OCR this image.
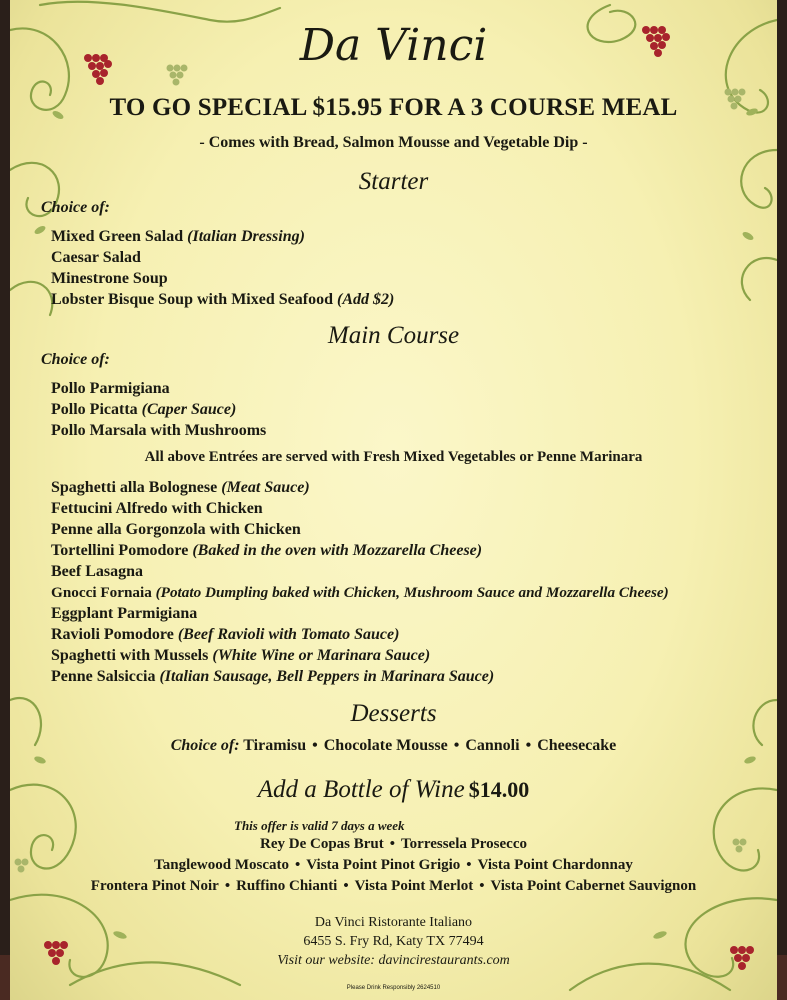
Da Vinci
TO GO SPECIAL $15.95 FOR A 3 COURSE MEAL
- Comes with Bread, Salmon Mousse and Vegetable Dip -
Starter
Choice of:
Mixed Green Salad (Italian Dressing)
Caesar Salad
Minestrone Soup
Lobster Bisque Soup with Mixed Seafood (Add $2)
Main Course
Choice of:
Pollo Parmigiana
Pollo Picatta (Caper Sauce)
Pollo Marsala with Mushrooms
All above Entrées are served with Fresh Mixed Vegetables or Penne Marinara
Spaghetti alla Bolognese (Meat Sauce)
Fettucini Alfredo with Chicken
Penne alla Gorgonzola with Chicken
Tortellini Pomodore (Baked in the oven with Mozzarella Cheese)
Beef Lasagna
Gnocci Fornaia (Potato Dumpling baked with Chicken, Mushroom Sauce and Mozzarella Cheese)
Eggplant Parmigiana
Ravioli Pomodore (Beef Ravioli with Tomato Sauce)
Spaghetti with Mussels (White Wine or Marinara Sauce)
Penne Salsiccia (Italian Sausage, Bell Peppers in Marinara Sauce)
Desserts
Choice of: Tiramisu • Chocolate Mousse • Cannoli • Cheesecake
Add a Bottle of Wine $14.00
This offer is valid 7 days a week
Rey De Copas Brut • Torressela Prosecco
Tanglewood Moscato • Vista Point Pinot Grigio • Vista Point Chardonnay
Frontera Pinot Noir • Ruffino Chianti • Vista Point Merlot • Vista Point Cabernet Sauvignon
Da Vinci Ristorante Italiano
6455 S. Fry Rd, Katy TX 77494
Visit our website: davincirestaurants.com
Please Drink Responsibly 2624510
